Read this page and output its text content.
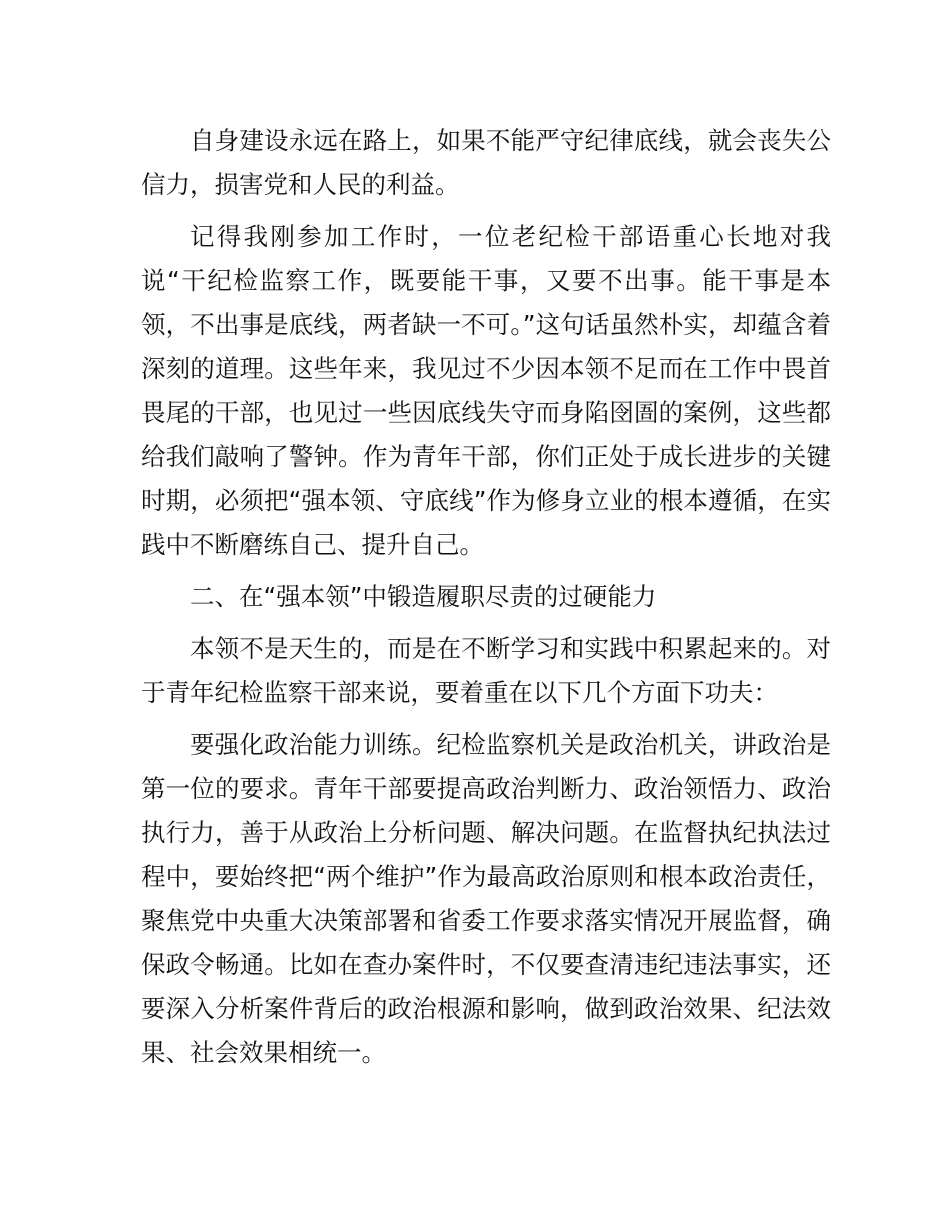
自身建设永远在路上，如果不能严守纪律底线，就会丧失公信力，损害党和人民的利益。

记得我刚参加工作时，一位老纪检干部语重心长地对我说“干纪检监察工作，既要能干事，又要不出事。能干事是本领，不出事是底线，两者缺一不可。”这句话虽然朴实，却蕴含着深刻的道理。这些年来，我见过不少因本领不足而在工作中畏首畏尾的干部，也见过一些因底线失守而身陷囹圄的案例，这些都给我们敲响了警钟。作为青年干部，你们正处于成长进步的关键时期，必须把“强本领、守底线”作为修身立业的根本遵循，在实践中不断磨练自己、提升自己。

二、在“强本领”中锻造履职尽责的过硬能力

本领不是天生的，而是在不断学习和实践中积累起来的。对于青年纪检监察干部来说，要着重在以下几个方面下功夫：

要强化政治能力训练。纪检监察机关是政治机关，讲政治是第一位的要求。青年干部要提高政治判断力、政治领悟力、政治执行力，善于从政治上分析问题、解决问题。在监督执纪执法过程中，要始终把“两个维护”作为最高政治原则和根本政治责任，聚焦党中央重大决策部署和省委工作要求落实情况开展监督，确保政令畅通。比如在查办案件时，不仅要查清违纪违法事实，还要深入分析案件背后的政治根源和影响，做到政治效果、纪法效果、社会效果相统一。
